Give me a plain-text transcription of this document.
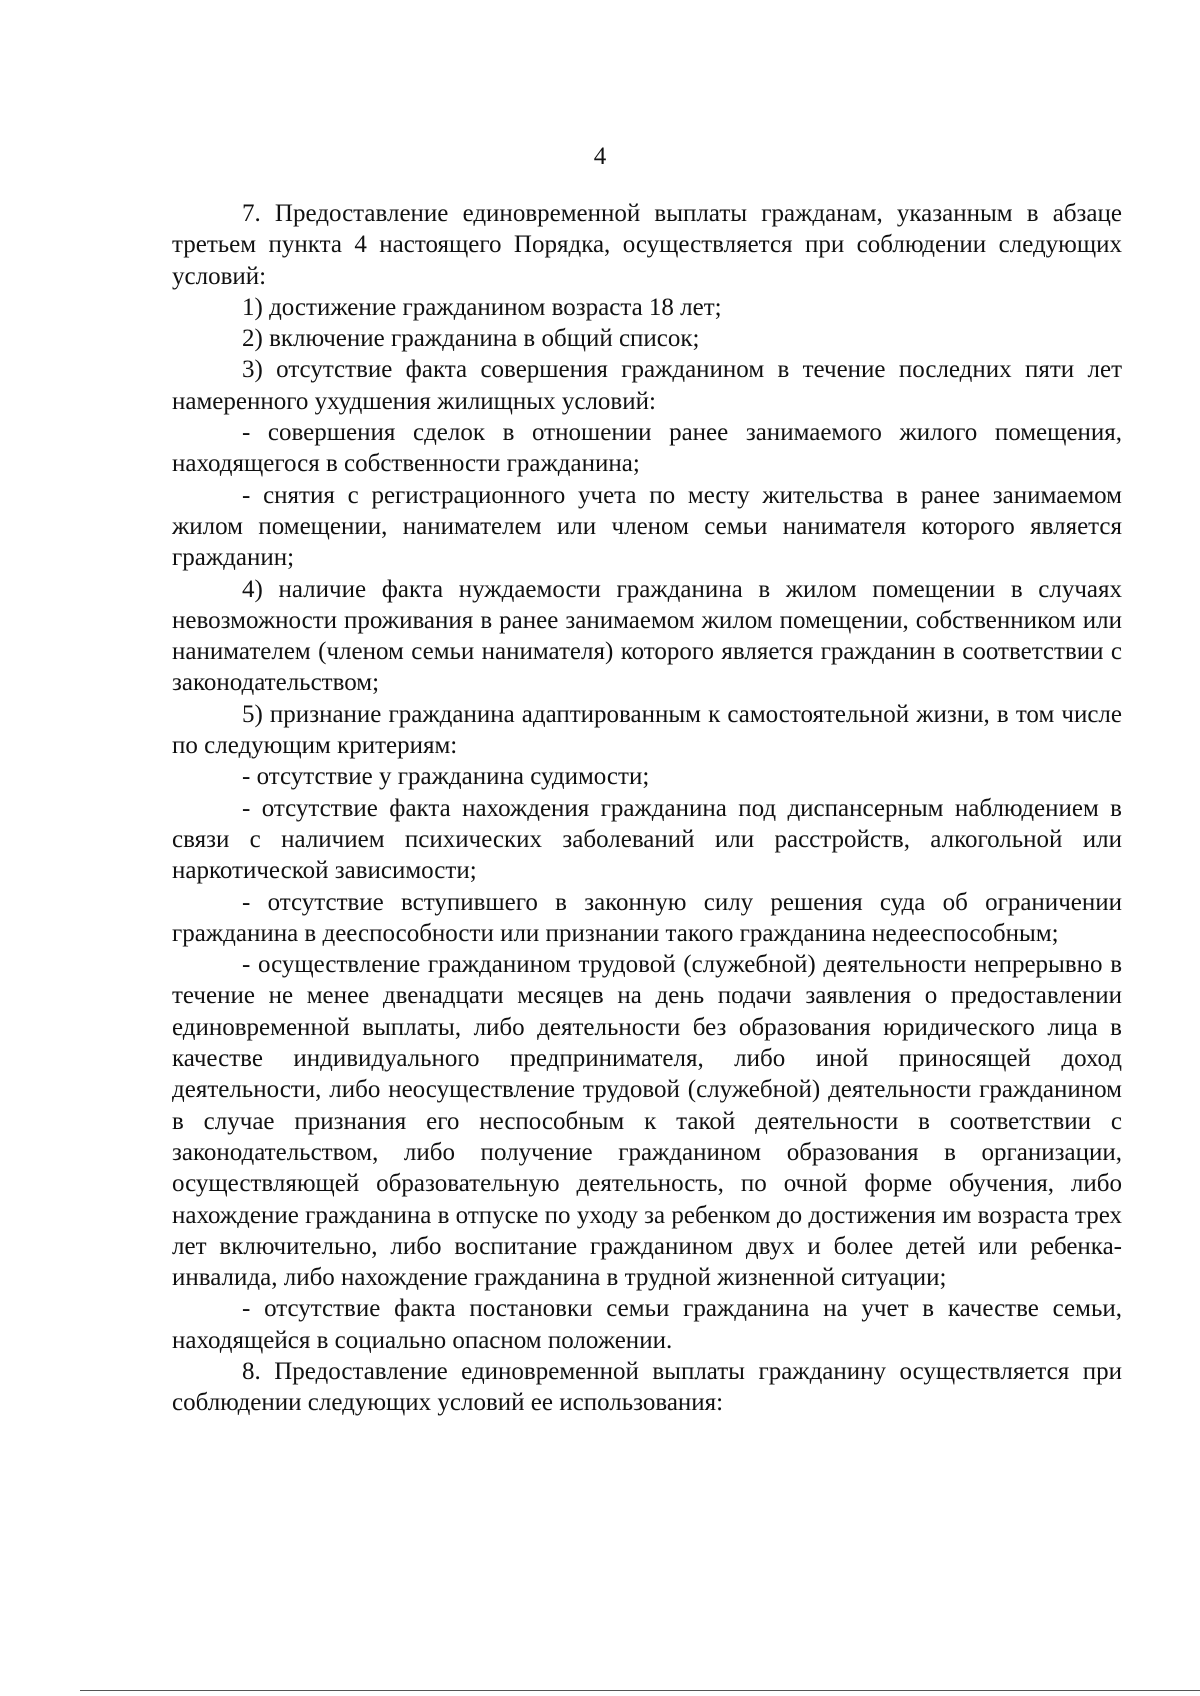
4

7. Предоставление единовременной выплаты гражданам, указанным в абзаце третьем пункта 4 настоящего Порядка, осуществляется при соблюдении следующих условий:

1) достижение гражданином возраста 18 лет;

2) включение гражданина в общий список;

3) отсутствие факта совершения гражданином в течение последних пяти лет намеренного ухудшения жилищных условий:

- совершения сделок в отношении ранее занимаемого жилого помещения, находящегося в собственности гражданина;

- снятия с регистрационного учета по месту жительства в ранее занимаемом жилом помещении, нанимателем или членом семьи нанимателя которого является гражданин;

4) наличие факта нуждаемости гражданина в жилом помещении в случаях невозможности проживания в ранее занимаемом жилом помещении, собственником или нанимателем (членом семьи нанимателя) которого является гражданин в соответствии с законодательством;

5) признание гражданина адаптированным к самостоятельной жизни, в том числе по следующим критериям:

- отсутствие у гражданина судимости;

- отсутствие факта нахождения гражданина под диспансерным наблюдением в связи с наличием психических заболеваний или расстройств, алкогольной или наркотической зависимости;

- отсутствие вступившего в законную силу решения суда об ограничении гражданина в дееспособности или признании такого гражданина недееспособным;

- осуществление гражданином трудовой (служебной) деятельности непрерывно в течение не менее двенадцати месяцев на день подачи заявления о предоставлении единовременной выплаты, либо деятельности без образования юридического лица в качестве индивидуального предпринимателя, либо иной приносящей доход деятельности, либо неосуществление трудовой (служебной) деятельности гражданином в случае признания его неспособным к такой деятельности в соответствии с законодательством, либо получение гражданином образования в организации, осуществляющей образовательную деятельность, по очной форме обучения, либо нахождение гражданина в отпуске по уходу за ребенком до достижения им возраста трех лет включительно, либо воспитание гражданином двух и более детей или ребенка-инвалида, либо нахождение гражданина в трудной жизненной ситуации;

- отсутствие факта постановки семьи гражданина на учет в качестве семьи, находящейся в социально опасном положении.

8. Предоставление единовременной выплаты гражданину осуществляется при соблюдении следующих условий ее использования:
